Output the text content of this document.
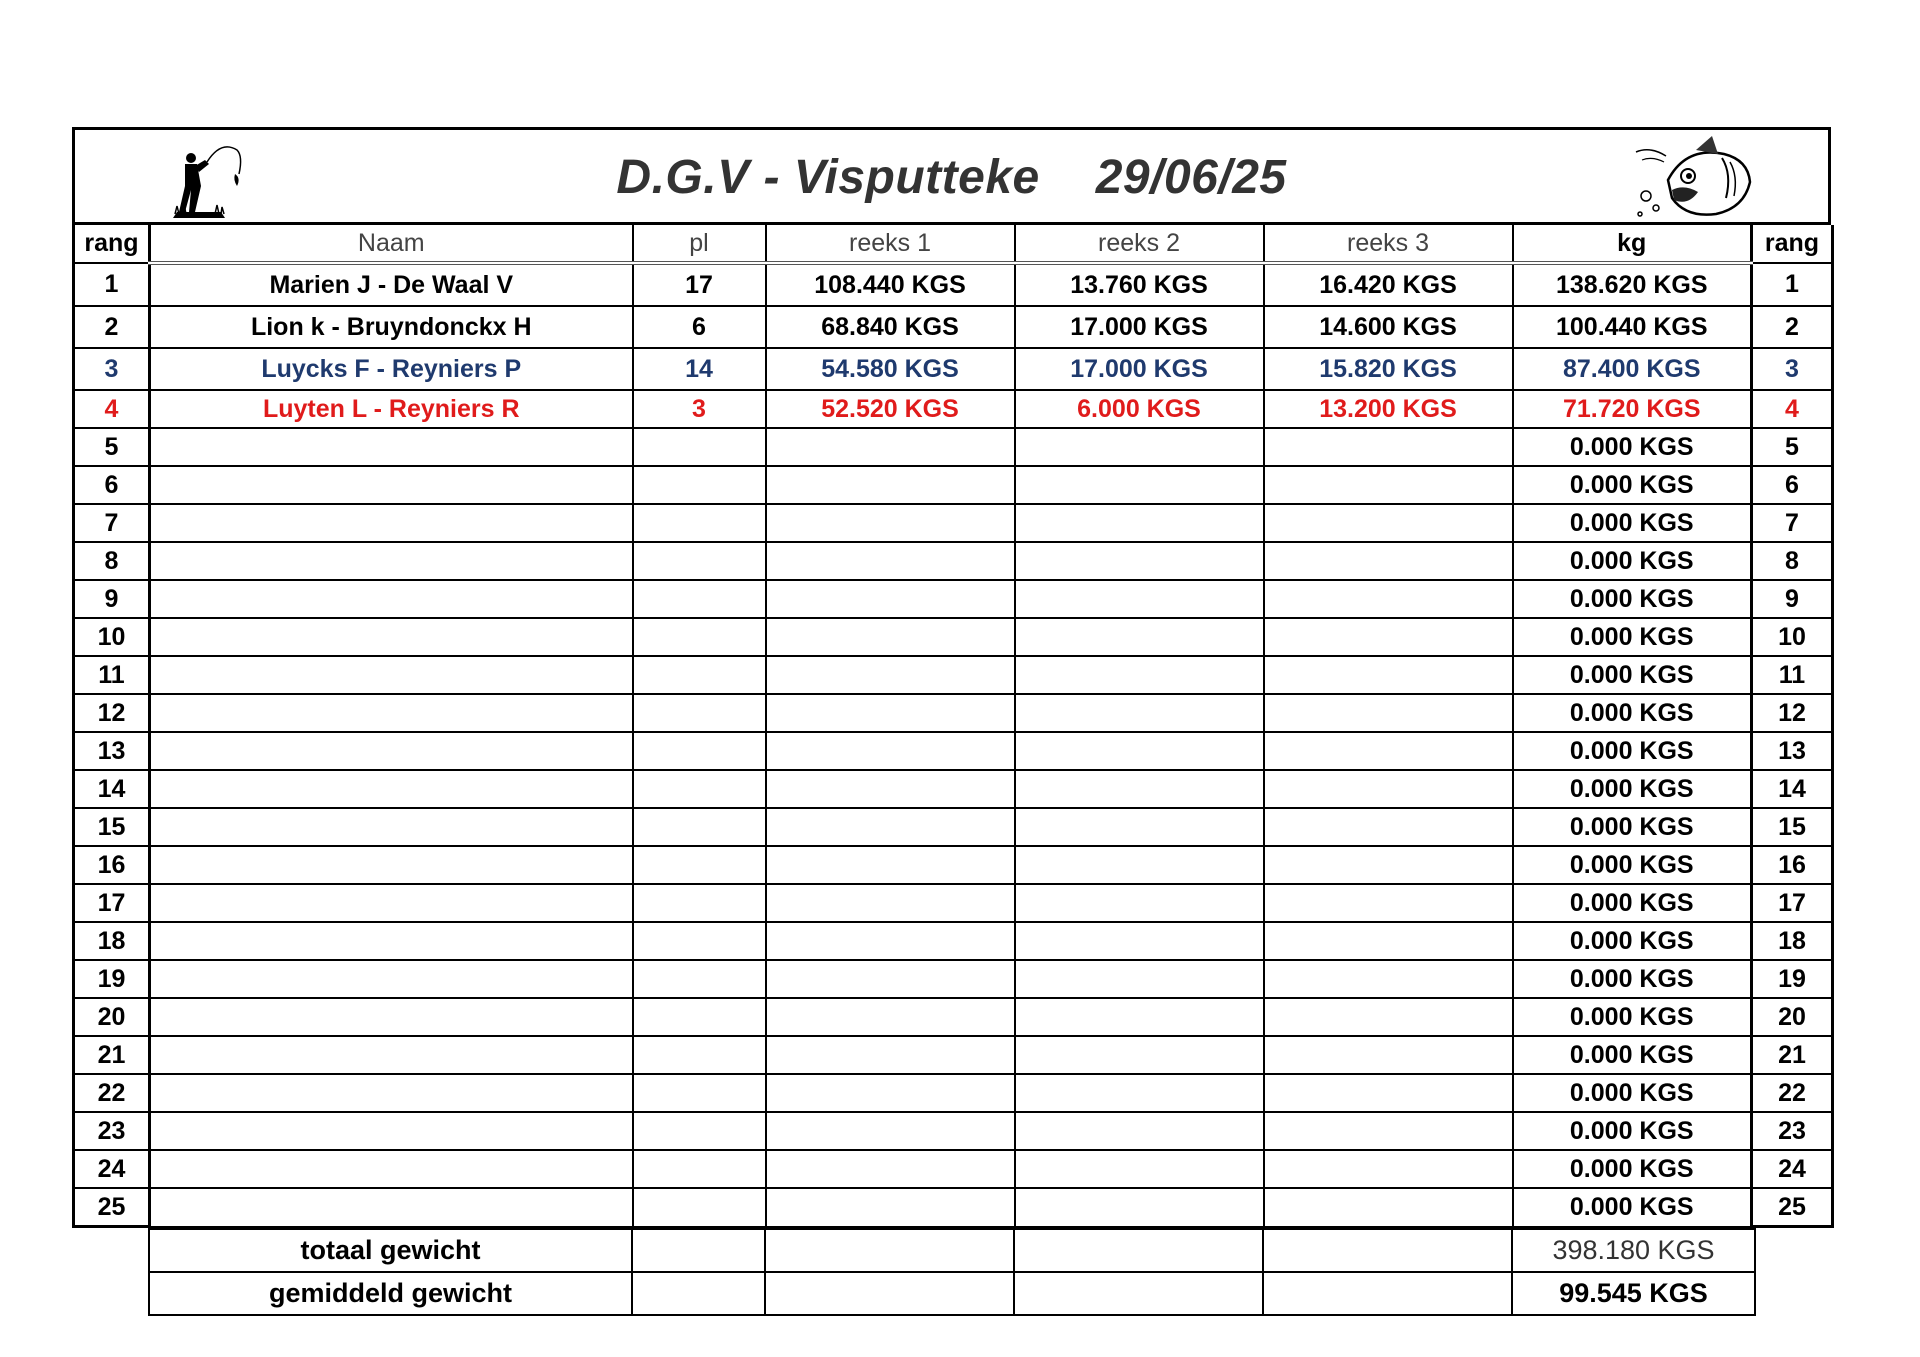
D.G.V - Visputteke 29/06/25
rang	Naam	pl	reeks 1	reeks 2	reeks 3	kg	rang
1	Marien J - De Waal V	17	108.440 KGS	13.760 KGS	16.420 KGS	138.620 KGS	1
2	Lion k - Bruyndonckx H	6	68.840 KGS	17.000 KGS	14.600 KGS	100.440 KGS	2
3	Luycks F - Reyniers P	14	54.580 KGS	17.000 KGS	15.820 KGS	87.400 KGS	3
4	Luyten L - Reyniers R	3	52.520 KGS	6.000 KGS	13.200 KGS	71.720 KGS	4
5						0.000 KGS	5
6						0.000 KGS	6
7						0.000 KGS	7
8						0.000 KGS	8
9						0.000 KGS	9
10						0.000 KGS	10
11						0.000 KGS	11
12						0.000 KGS	12
13						0.000 KGS	13
14						0.000 KGS	14
15						0.000 KGS	15
16						0.000 KGS	16
17						0.000 KGS	17
18						0.000 KGS	18
19						0.000 KGS	19
20						0.000 KGS	20
21						0.000 KGS	21
22						0.000 KGS	22
23						0.000 KGS	23
24						0.000 KGS	24
25						0.000 KGS	25
totaal gewicht					398.180 KGS
gemiddeld gewicht					99.545 KGS
